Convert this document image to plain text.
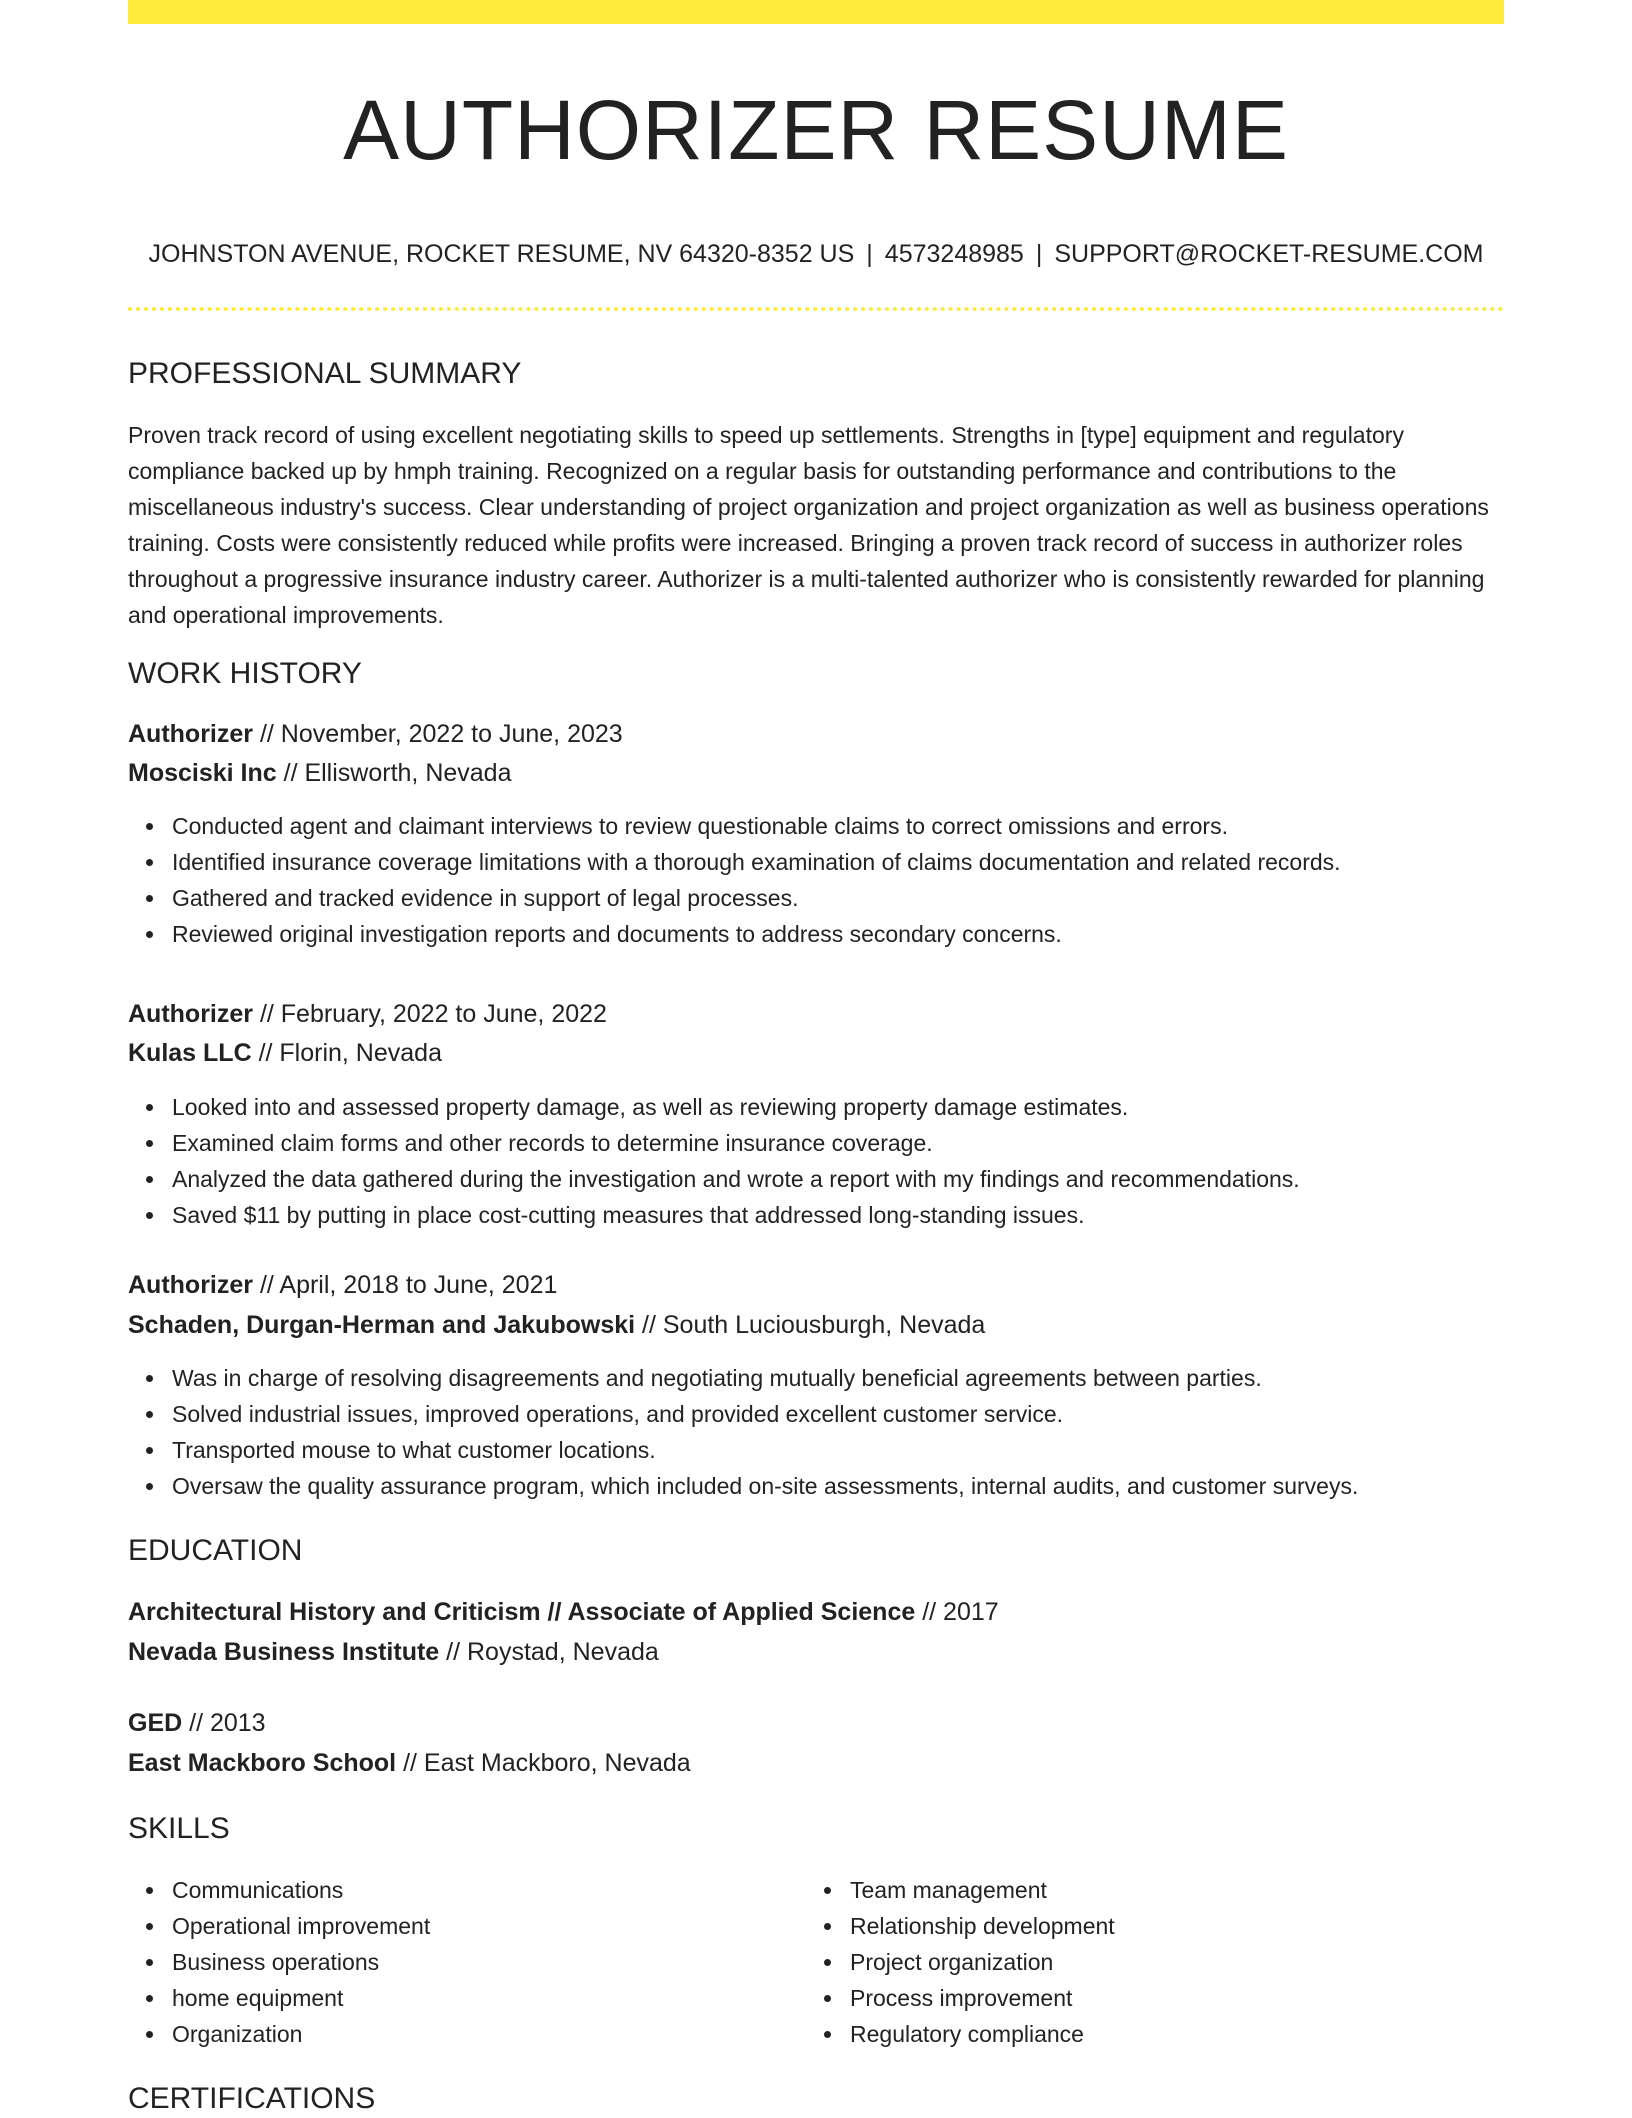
AUTHORIZER RESUME
JOHNSTON AVENUE, ROCKET RESUME, NV 64320-8352 US | 4573248985 | SUPPORT@ROCKET-RESUME.COM
PROFESSIONAL SUMMARY

Proven track record of using excellent negotiating skills to speed up settlements. Strengths in [type] equipment and regulatory compliance backed up by hmph training. Recognized on a regular basis for outstanding performance and contributions to the miscellaneous industry's success. Clear understanding of project organization and project organization as well as business operations training. Costs were consistently reduced while profits were increased. Bringing a proven track record of success in authorizer roles throughout a progressive insurance industry career. Authorizer is a multi-talented authorizer who is consistently rewarded for planning and operational improvements.

WORK HISTORY
Authorizer // November, 2022 to June, 2023
Mosciski Inc // Ellisworth, Nevada
Conducted agent and claimant interviews to review questionable claims to correct omissions and errors.
Identified insurance coverage limitations with a thorough examination of claims documentation and related records.
Gathered and tracked evidence in support of legal processes.
Reviewed original investigation reports and documents to address secondary concerns.
Authorizer // February, 2022 to June, 2022
Kulas LLC // Florin, Nevada
Looked into and assessed property damage, as well as reviewing property damage estimates.
Examined claim forms and other records to determine insurance coverage.
Analyzed the data gathered during the investigation and wrote a report with my findings and recommendations.
Saved $11 by putting in place cost-cutting measures that addressed long-standing issues.
Authorizer // April, 2018 to June, 2021
Schaden, Durgan-Herman and Jakubowski // South Luciousburgh, Nevada
Was in charge of resolving disagreements and negotiating mutually beneficial agreements between parties.
Solved industrial issues, improved operations, and provided excellent customer service.
Transported mouse to what customer locations.
Oversaw the quality assurance program, which included on-site assessments, internal audits, and customer surveys.
EDUCATION
Architectural History and Criticism // Associate of Applied Science // 2017
Nevada Business Institute // Roystad, Nevada
GED // 2013
East Mackboro School // East Mackboro, Nevada
SKILLS
Communications
Operational improvement
Business operations
home equipment
Organization
Team management
Relationship development
Project organization
Process improvement
Regulatory compliance
CERTIFICATIONS
